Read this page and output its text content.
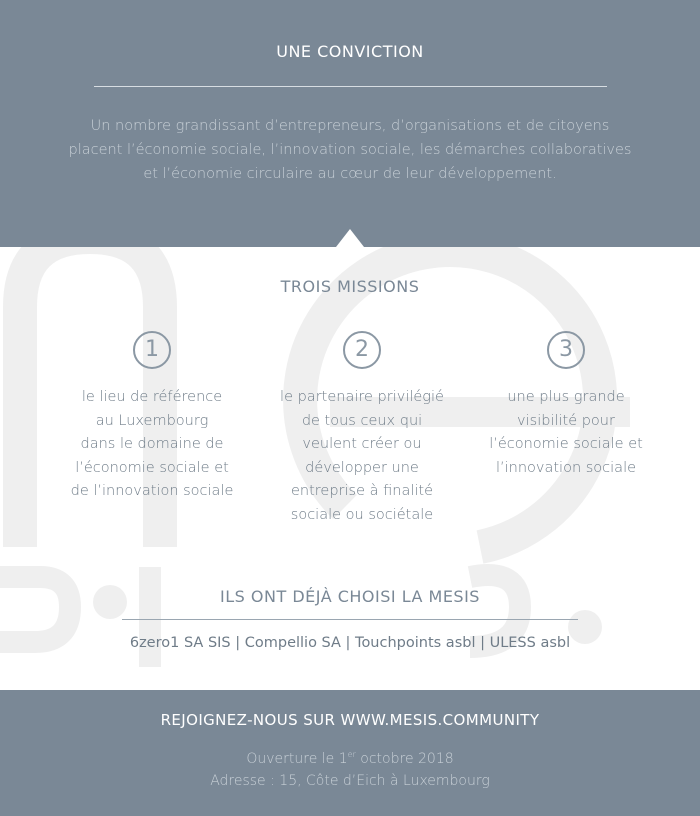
UNE CONVICTION
Un nombre grandissant d’entrepreneurs, d’organisations et de citoyens
placent l’économie sociale, l’innovation sociale, les démarches collaboratives
et l’économie circulaire au cœur de leur développement.
TROIS MISSIONS
1
le lieu de référence
au Luxembourg
dans le domaine de
l’économie sociale et
de l’innovation sociale
2
le partenaire privilégié
de tous ceux qui
veulent créer ou
développer une
entreprise à finalité
sociale ou sociétale
3
une plus grande
visibilité pour
l’économie sociale et
l’innovation sociale
ILS ONT DÉJÀ CHOISI LA MESIS
6zero1 SA SIS | Compellio SA | Touchpoints asbl | ULESS asbl
REJOIGNEZ-NOUS SUR WWW.MESIS.COMMUNITY
Ouverture le 1er octobre 2018
Adresse : 15, Côte d’Eich à Luxembourg
